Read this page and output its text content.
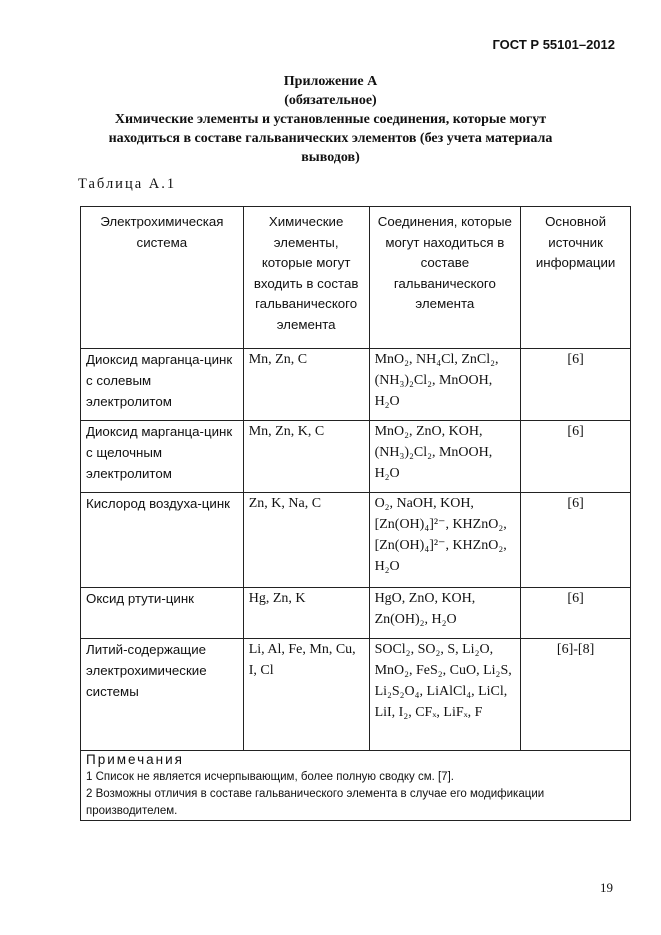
ГОСТ Р 55101–2012
Приложение А
(обязательное)
Химические элементы и установленные соединения, которые могут
находиться в составе гальванических элементов (без учета материала
выводов)
Таблица А.1
Электрохимическая система	Химические элементы, которые могут входить в состав гальванического элемента	Соединения, которые могут находиться в составе гальванического элемента	Основной источник информации
Диоксид марганца-цинк с солевым электролитом	Mn, Zn, C	MnO₂, NH₄Cl, ZnCl₂, (NH₃)₂Cl₂, MnOOH, H₂O	[6]
Диоксид марганца-цинк с щелочным электролитом	Mn, Zn, K, C	MnO₂, ZnO, KOH, (NH₃)₂Cl₂, MnOOH, H₂O	[6]
Кислород воздуха-цинк	Zn, K, Na, C	O₂, NaOH, KOH, [Zn(OH)₄]²⁻, KHZnO₂, [Zn(OH)₄]²⁻, KHZnO₂, H₂O	[6]
Оксид ртути-цинк	Hg, Zn, K	HgO, ZnO, KOH, Zn(OH)₂, H₂O	[6]
Литий-содержащие электрохимические системы	Li, Al, Fe, Mn, Cu, I, Cl	SOCl₂, SO₂, S, Li₂O, MnO₂, FeS₂, CuO, Li₂S, Li₂S₂O₄, LiAlCl₄, LiCl, LiI, I₂, CFₓ, LiFₓ, F	[6]-[8]

Примечания
1 Список не является исчерпывающим, более полную сводку см. [7].
2 Возможны отличия в составе гальванического элемента в случае его модификации производителем.			
19
